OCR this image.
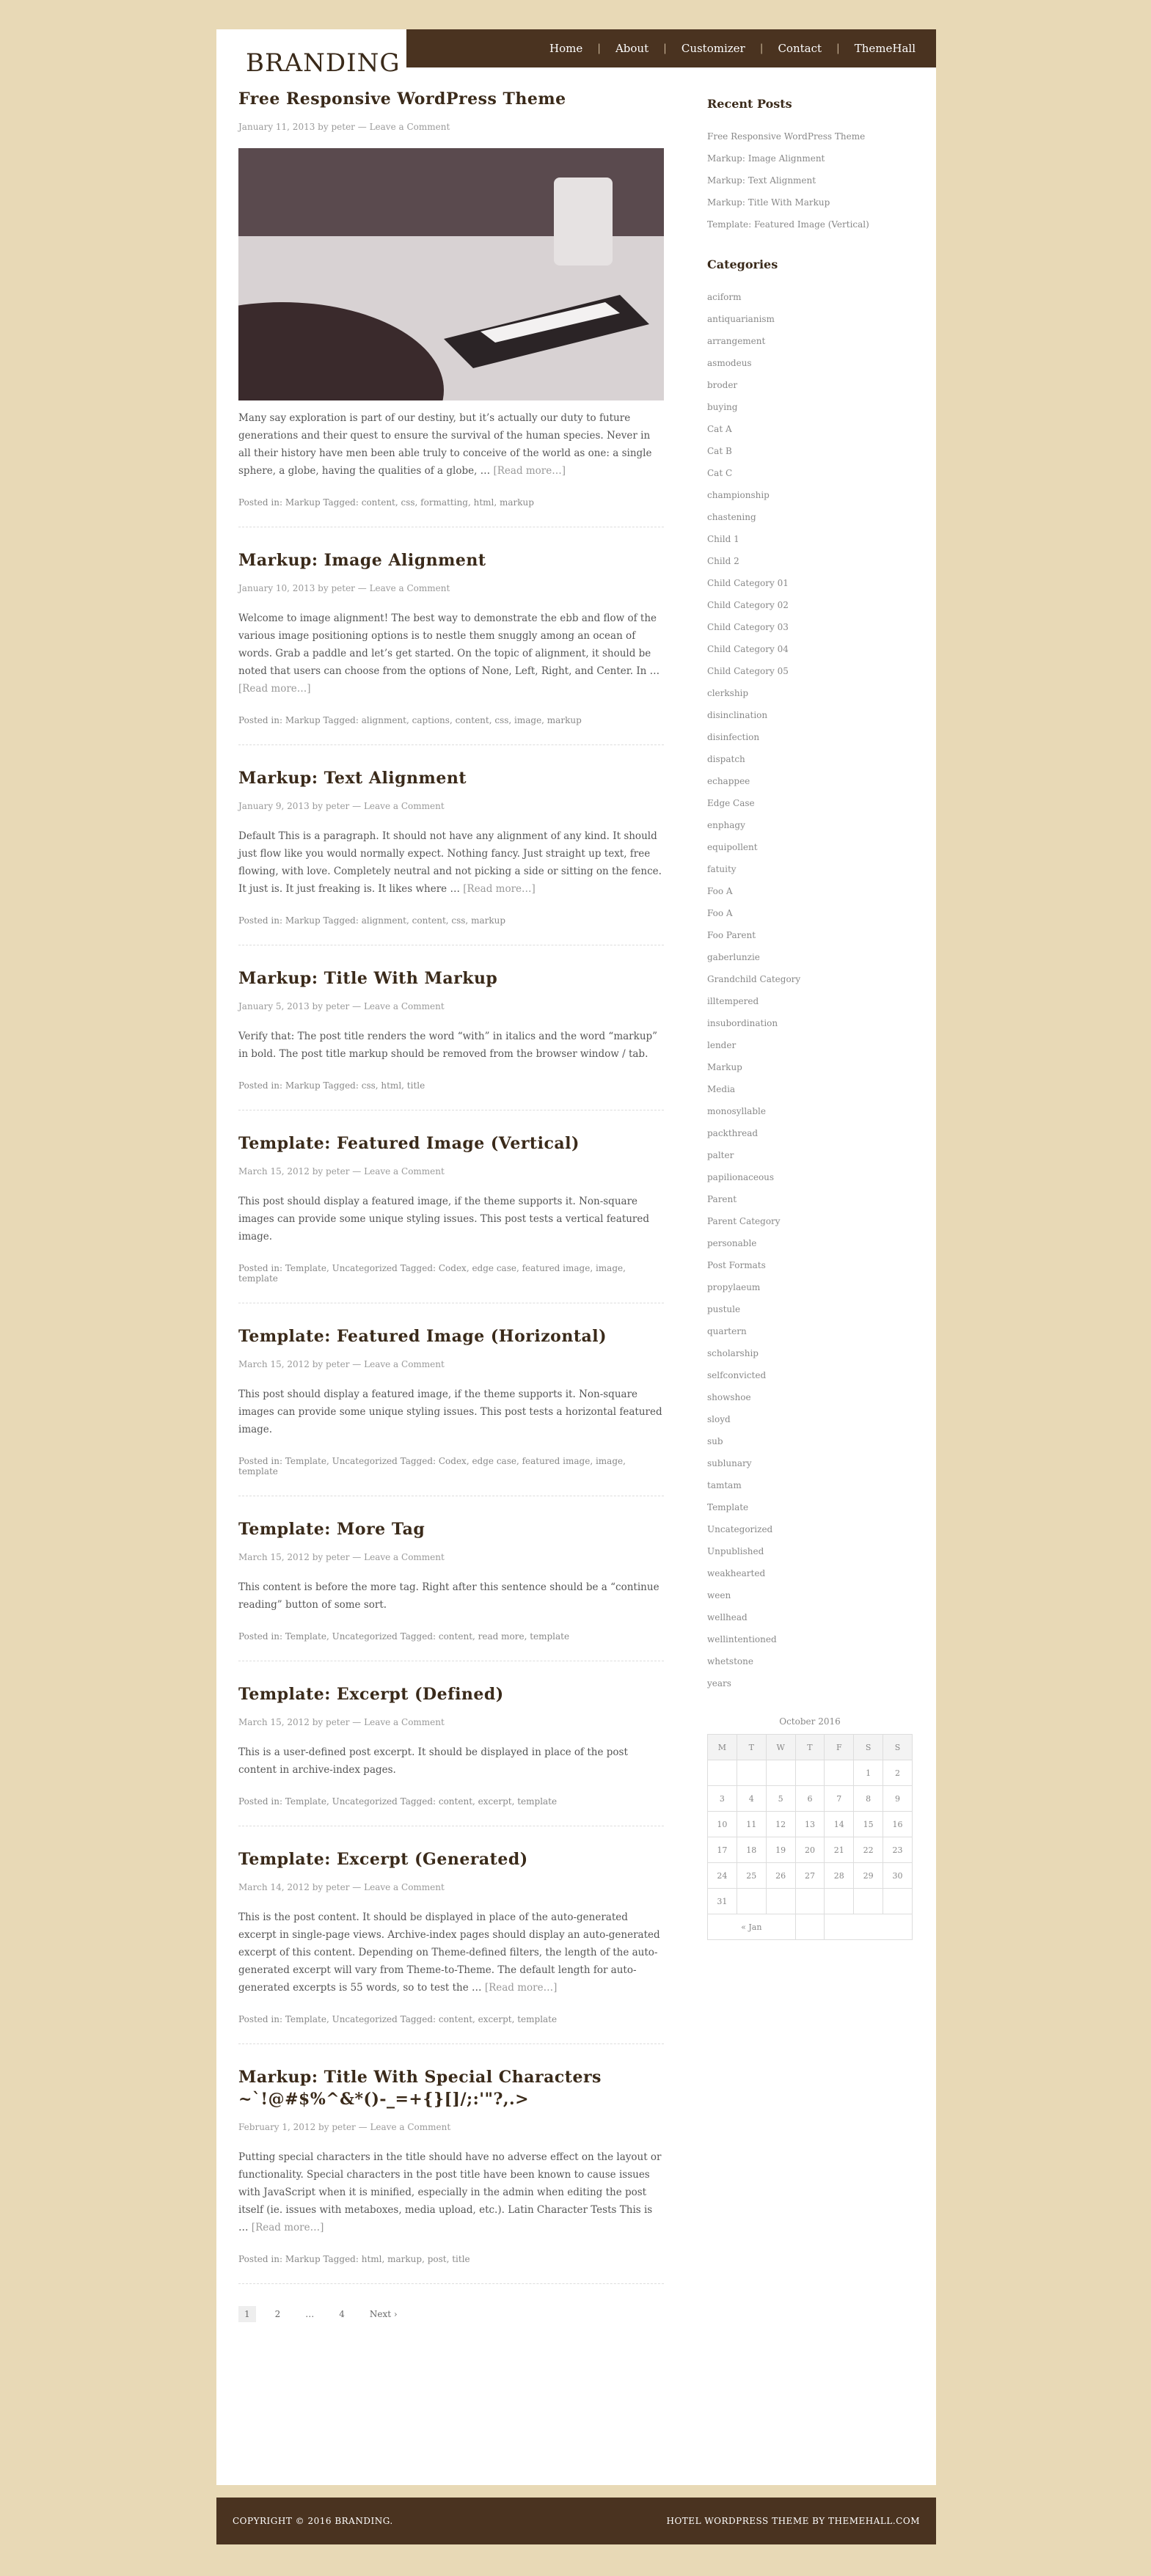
BRANDING	Home	|	About	|	Customizer	|	Contact	|	ThemeHall
Free Responsive WordPress Theme
January 11, 2013 by peter — Leave a Comment

Many say exploration is part of our destiny, but it’s actually our duty to future generations and their quest to ensure the survival of the human species. Never in all their history have men been able truly to conceive of the world as one: a single sphere, a globe, having the qualities of a globe, … [Read more…]

Posted in: Markup Tagged: content, css, formatting, html, markup
Markup: Image Alignment
January 10, 2013 by peter — Leave a Comment

Welcome to image alignment! The best way to demonstrate the ebb and flow of the various image positioning options is to nestle them snuggly among an ocean of words. Grab a paddle and let’s get started. On the topic of alignment, it should be noted that users can choose from the options of None, Left, Right, and Center. In … [Read more…]

Posted in: Markup Tagged: alignment, captions, content, css, image, markup
Markup: Text Alignment
January 9, 2013 by peter — Leave a Comment

Default This is a paragraph. It should not have any alignment of any kind. It should just flow like you would normally expect. Nothing fancy. Just straight up text, free flowing, with love. Completely neutral and not picking a side or sitting on the fence. It just is. It just freaking is. It likes where … [Read more…]

Posted in: Markup Tagged: alignment, content, css, markup
Markup: Title With Markup
January 5, 2013 by peter — Leave a Comment

Verify that: The post title renders the word “with” in italics and the word “markup” in bold. The post title markup should be removed from the browser window / tab.

Posted in: Markup Tagged: css, html, title
Template: Featured Image (Vertical)
March 15, 2012 by peter — Leave a Comment

This post should display a featured image, if the theme supports it. Non-square images can provide some unique styling issues. This post tests a vertical featured image.

Posted in: Template, Uncategorized Tagged: Codex, edge case, featured image, image, template
Template: Featured Image (Horizontal)
March 15, 2012 by peter — Leave a Comment

This post should display a featured image, if the theme supports it. Non-square images can provide some unique styling issues. This post tests a horizontal featured image.

Posted in: Template, Uncategorized Tagged: Codex, edge case, featured image, image, template
Template: More Tag
March 15, 2012 by peter — Leave a Comment

This content is before the more tag. Right after this sentence should be a “continue reading” button of some sort.

Posted in: Template, Uncategorized Tagged: content, read more, template
Template: Excerpt (Defined)
March 15, 2012 by peter — Leave a Comment

This is a user-defined post excerpt. It should be displayed in place of the post content in archive-index pages.

Posted in: Template, Uncategorized Tagged: content, excerpt, template
Template: Excerpt (Generated)
March 14, 2012 by peter — Leave a Comment

This is the post content. It should be displayed in place of the auto-generated excerpt in single-page views. Archive-index pages should display an auto-generated excerpt of this content. Depending on Theme-defined filters, the length of the auto-generated excerpt will vary from Theme-to-Theme. The default length for auto-generated excerpts is 55 words, so to test the … [Read more…]

Posted in: Template, Uncategorized Tagged: content, excerpt, template
Markup: Title With Special Characters ~`!@#$%^&*()-_=+{}[]/;:'"?,.>
February 1, 2012 by peter — Leave a Comment

Putting special characters in the title should have no adverse effect on the layout or functionality. Special characters in the post title have been known to cause issues with JavaScript when it is minified, especially in the admin when editing the post itself (ie. issues with metaboxes, media upload, etc.). Latin Character Tests This is … [Read more…]

Posted in: Markup Tagged: html, markup, post, title
1	2	…	4	Next ›
Recent Posts
Free Responsive WordPress Theme
Markup: Image Alignment
Markup: Text Alignment
Markup: Title With Markup
Template: Featured Image (Vertical)
Categories
aciform
antiquarianism
arrangement
asmodeus
broder
buying
Cat A
Cat B
Cat C
championship
chastening
Child 1
Child 2
Child Category 01
Child Category 02
Child Category 03
Child Category 04
Child Category 05
clerkship
disinclination
disinfection
dispatch
echappee
Edge Case
enphagy
equipollent
fatuity
Foo A
Foo A
Foo Parent
gaberlunzie
Grandchild Category
illtempered
insubordination
lender
Markup
Media
monosyllable
packthread
palter
papilionaceous
Parent
Parent Category
personable
Post Formats
propylaeum
pustule
quartern
scholarship
selfconvicted
showshoe
sloyd
sub
sublunary
tamtam
Template
Uncategorized
Unpublished
weakhearted
ween
wellhead
wellintentioned
whetstone
years
October 2016
M	T	W	T	F	S	S
					1	2
3	4	5	6	7	8	9
10	11	12	13	14	15	16
17	18	19	20	21	22	23
24	25	26	27	28	29	30
31						
« Jan						
COPYRIGHT © 2016 BRANDING.	HOTEL WORDPRESS THEME BY THEMEHALL.COM
